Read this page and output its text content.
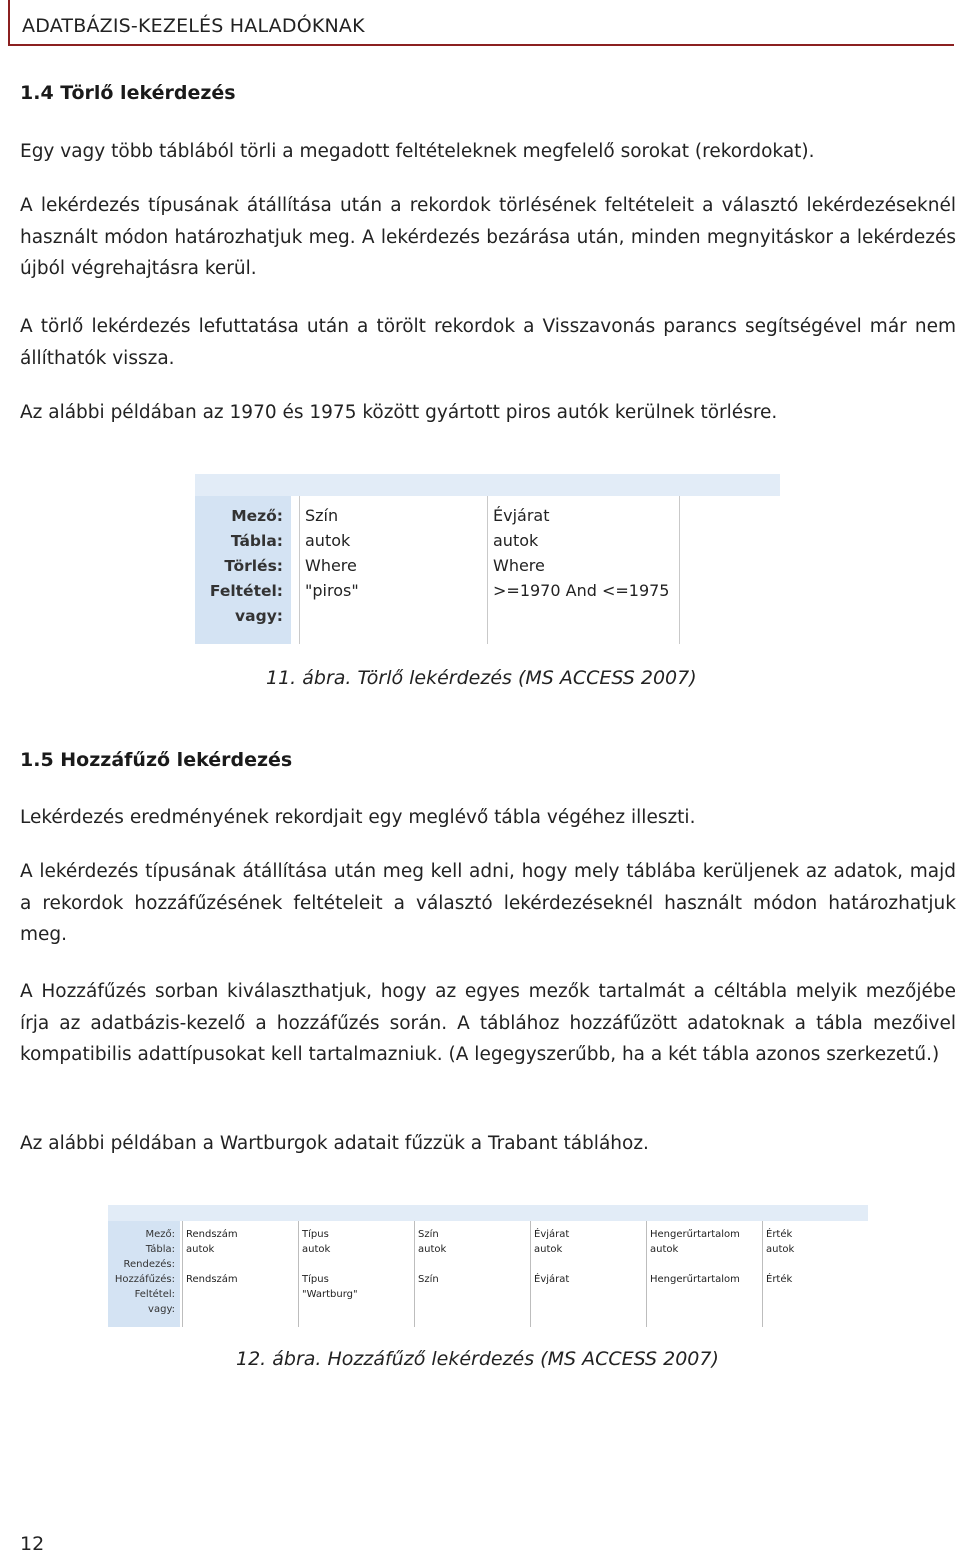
ADATBÁZIS-KEZELÉS HALADÓKNAK
1.4 Törlő lekérdezés
Egy vagy több táblából törli a megadott feltételeknek megfelelő sorokat (rekordokat).
A lekérdezés típusának átállítása után a rekordok törlésének feltételeit a választó lekérdezéseknél használt módon határozhatjuk meg. A lekérdezés bezárása után, minden megnyitáskor a lekérdezés újból végrehajtásra kerül.
A törlő lekérdezés lefuttatása után a törölt rekordok a Visszavonás parancs segítségével már nem állíthatók vissza.
Az alábbi példában az 1970 és 1975 között gyártott piros autók kerülnek törlésre.
Mező:
Tábla:
Törlés:
Feltétel:
vagy:
Szín
autok
Where
"piros"
Évjárat
autok
Where
>=1970 And <=1975
11. ábra. Törlő lekérdezés (MS ACCESS 2007)
1.5 Hozzáfűző lekérdezés
Lekérdezés eredményének rekordjait egy meglévő tábla végéhez illeszti.
A lekérdezés típusának átállítása után meg kell adni, hogy mely táblába kerüljenek az adatok, majd a rekordok hozzáfűzésének feltételeit a választó lekérdezéseknél használt módon határozhatjuk meg.
A Hozzáfűzés sorban kiválaszthatjuk, hogy az egyes mezők tartalmát a céltábla melyik mezőjébe írja az adatbázis-kezelő a hozzáfűzés során. A táblához hozzáfűzött adatoknak a tábla mezőivel kompatibilis adattípusokat kell tartalmazniuk. (A legegyszerűbb, ha a két tábla azonos szerkezetű.)
Az alábbi példában a Wartburgok adatait fűzzük a Trabant táblához.
Mező:
Tábla:
Rendezés:
Hozzáfűzés:
Feltétel:
vagy:
Rendszám
autok
Rendszám
Típus
autok
Típus
"Wartburg"
Szín
autok
Szín
Évjárat
autok
Évjárat
Hengerűrtartalom
autok
Hengerűrtartalom
Érték
autok
Érték
12. ábra. Hozzáfűző lekérdezés (MS ACCESS 2007)
12
